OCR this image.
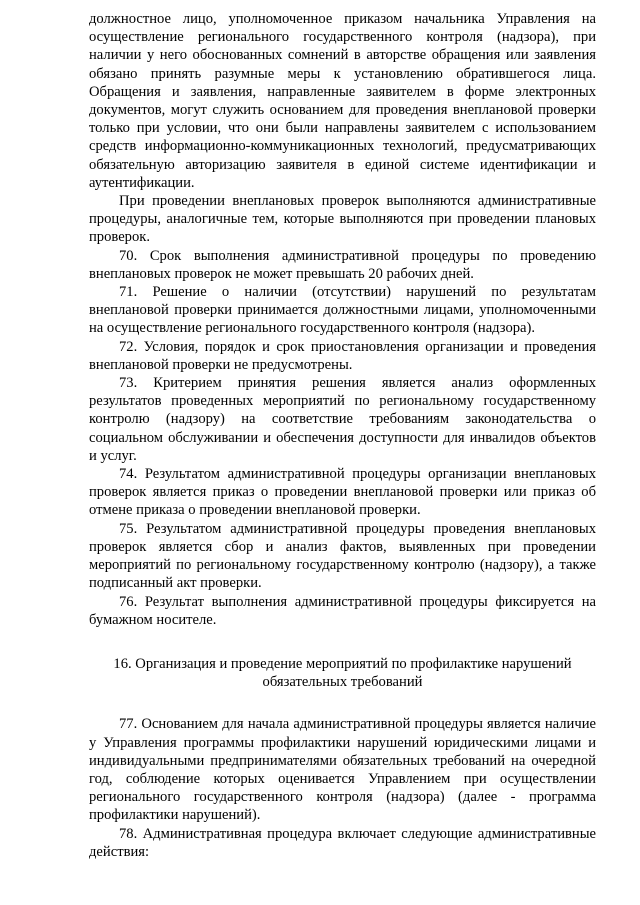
должностное лицо, уполномоченное приказом начальника Управления на осуществление регионального государственного контроля (надзора), при наличии у него обоснованных сомнений в авторстве обращения или заявления обязано принять разумные меры к установлению обратившегося лица. Обращения и заявления, направленные заявителем в форме электронных документов, могут служить основанием для проведения внеплановой проверки только при условии, что они были направлены заявителем с использованием средств информационно-коммуникационных технологий, предусматривающих обязательную авторизацию заявителя в единой системе идентификации и аутентификации.

При проведении внеплановых проверок выполняются административные процедуры, аналогичные тем, которые выполняются при проведении плановых проверок.

70. Срок выполнения административной процедуры по проведению внеплановых проверок не может превышать 20 рабочих дней.

71. Решение о наличии (отсутствии) нарушений по результатам внеплановой проверки принимается должностными лицами, уполномоченными на осуществление регионального государственного контроля (надзора).

72. Условия, порядок и срок приостановления организации и проведения внеплановой проверки не предусмотрены.

73. Критерием принятия решения является анализ оформленных результатов проведенных мероприятий по региональному государственному контролю (надзору) на соответствие требованиям законодательства о социальном обслуживании и обеспечения доступности для инвалидов объектов и услуг.

74. Результатом административной процедуры организации внеплановых проверок является приказ о проведении внеплановой проверки или приказ об отмене приказа о проведении внеплановой проверки.

75. Результатом административной процедуры проведения внеплановых проверок является сбор и анализ фактов, выявленных при проведении мероприятий по региональному государственному контролю (надзору), а также подписанный акт проверки.

76. Результат выполнения административной процедуры фиксируется на бумажном носителе.

16. Организация и проведение мероприятий по профилактике нарушений обязательных требований

77. Основанием для начала административной процедуры является наличие у Управления программы профилактики нарушений юридическими лицами и индивидуальными предпринимателями обязательных требований на очередной год, соблюдение которых оценивается Управлением при осуществлении регионального государственного контроля (надзора) (далее - программа профилактики нарушений).

78. Административная процедура включает следующие административные действия:
